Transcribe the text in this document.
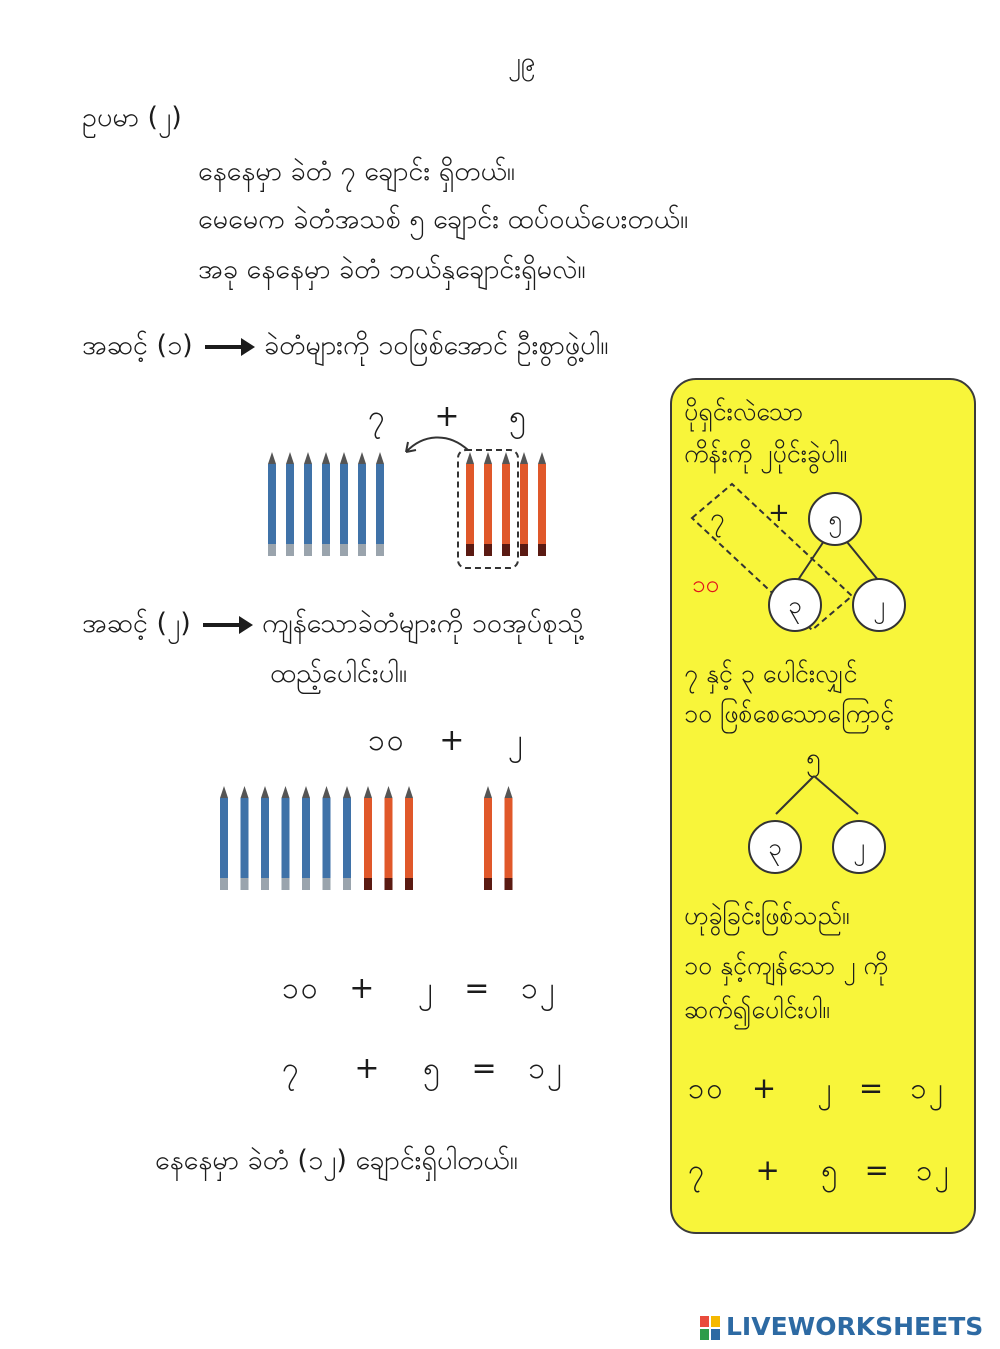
၂၉
ဥပမာ (၂)
နေနေမှာ ခဲတံ ၇ ချောင်း ရှိတယ်။
မေမေက ခဲတံအသစ် ၅ ချောင်း ထပ်ဝယ်ပေးတယ်။
အခု နေနေမှာ ခဲတံ ဘယ်နှချောင်းရှိမလဲ။
အဆင့် (၁)	ခဲတံများကို ၁၀ဖြစ်အောင် ဦးစွာဖွဲ့ပါ။
၇ + ၅
အဆင့် (၂)	ကျန်သောခဲတံများကို ၁၀အုပ်စုသို့
ထည့်ပေါင်းပါ။
၁၀ + ၂
၁၀ + ၂ = ၁၂
၇ + ၅ = ၁၂
နေနေမှာ ခဲတံ (၁၂) ချောင်းရှိပါတယ်။
ပိုရှင်းလဲသော
ကိန်းကို ၂ပိုင်းခွဲပါ။
၇ +	၅
၃	၂
၁၀
၇ နှင့် ၃ ပေါင်းလျှင်
၁၀ ဖြစ်စေသောကြောင့်
၅
၃	၂
ဟုခွဲခြင်းဖြစ်သည်။
၁၀ နှင့်ကျန်သော ၂ ကို
ဆက်၍ပေါင်းပါ။
၁၀ + ၂ = ၁၂
၇ + ၅ = ၁၂
LIVEWORKSHEETS
